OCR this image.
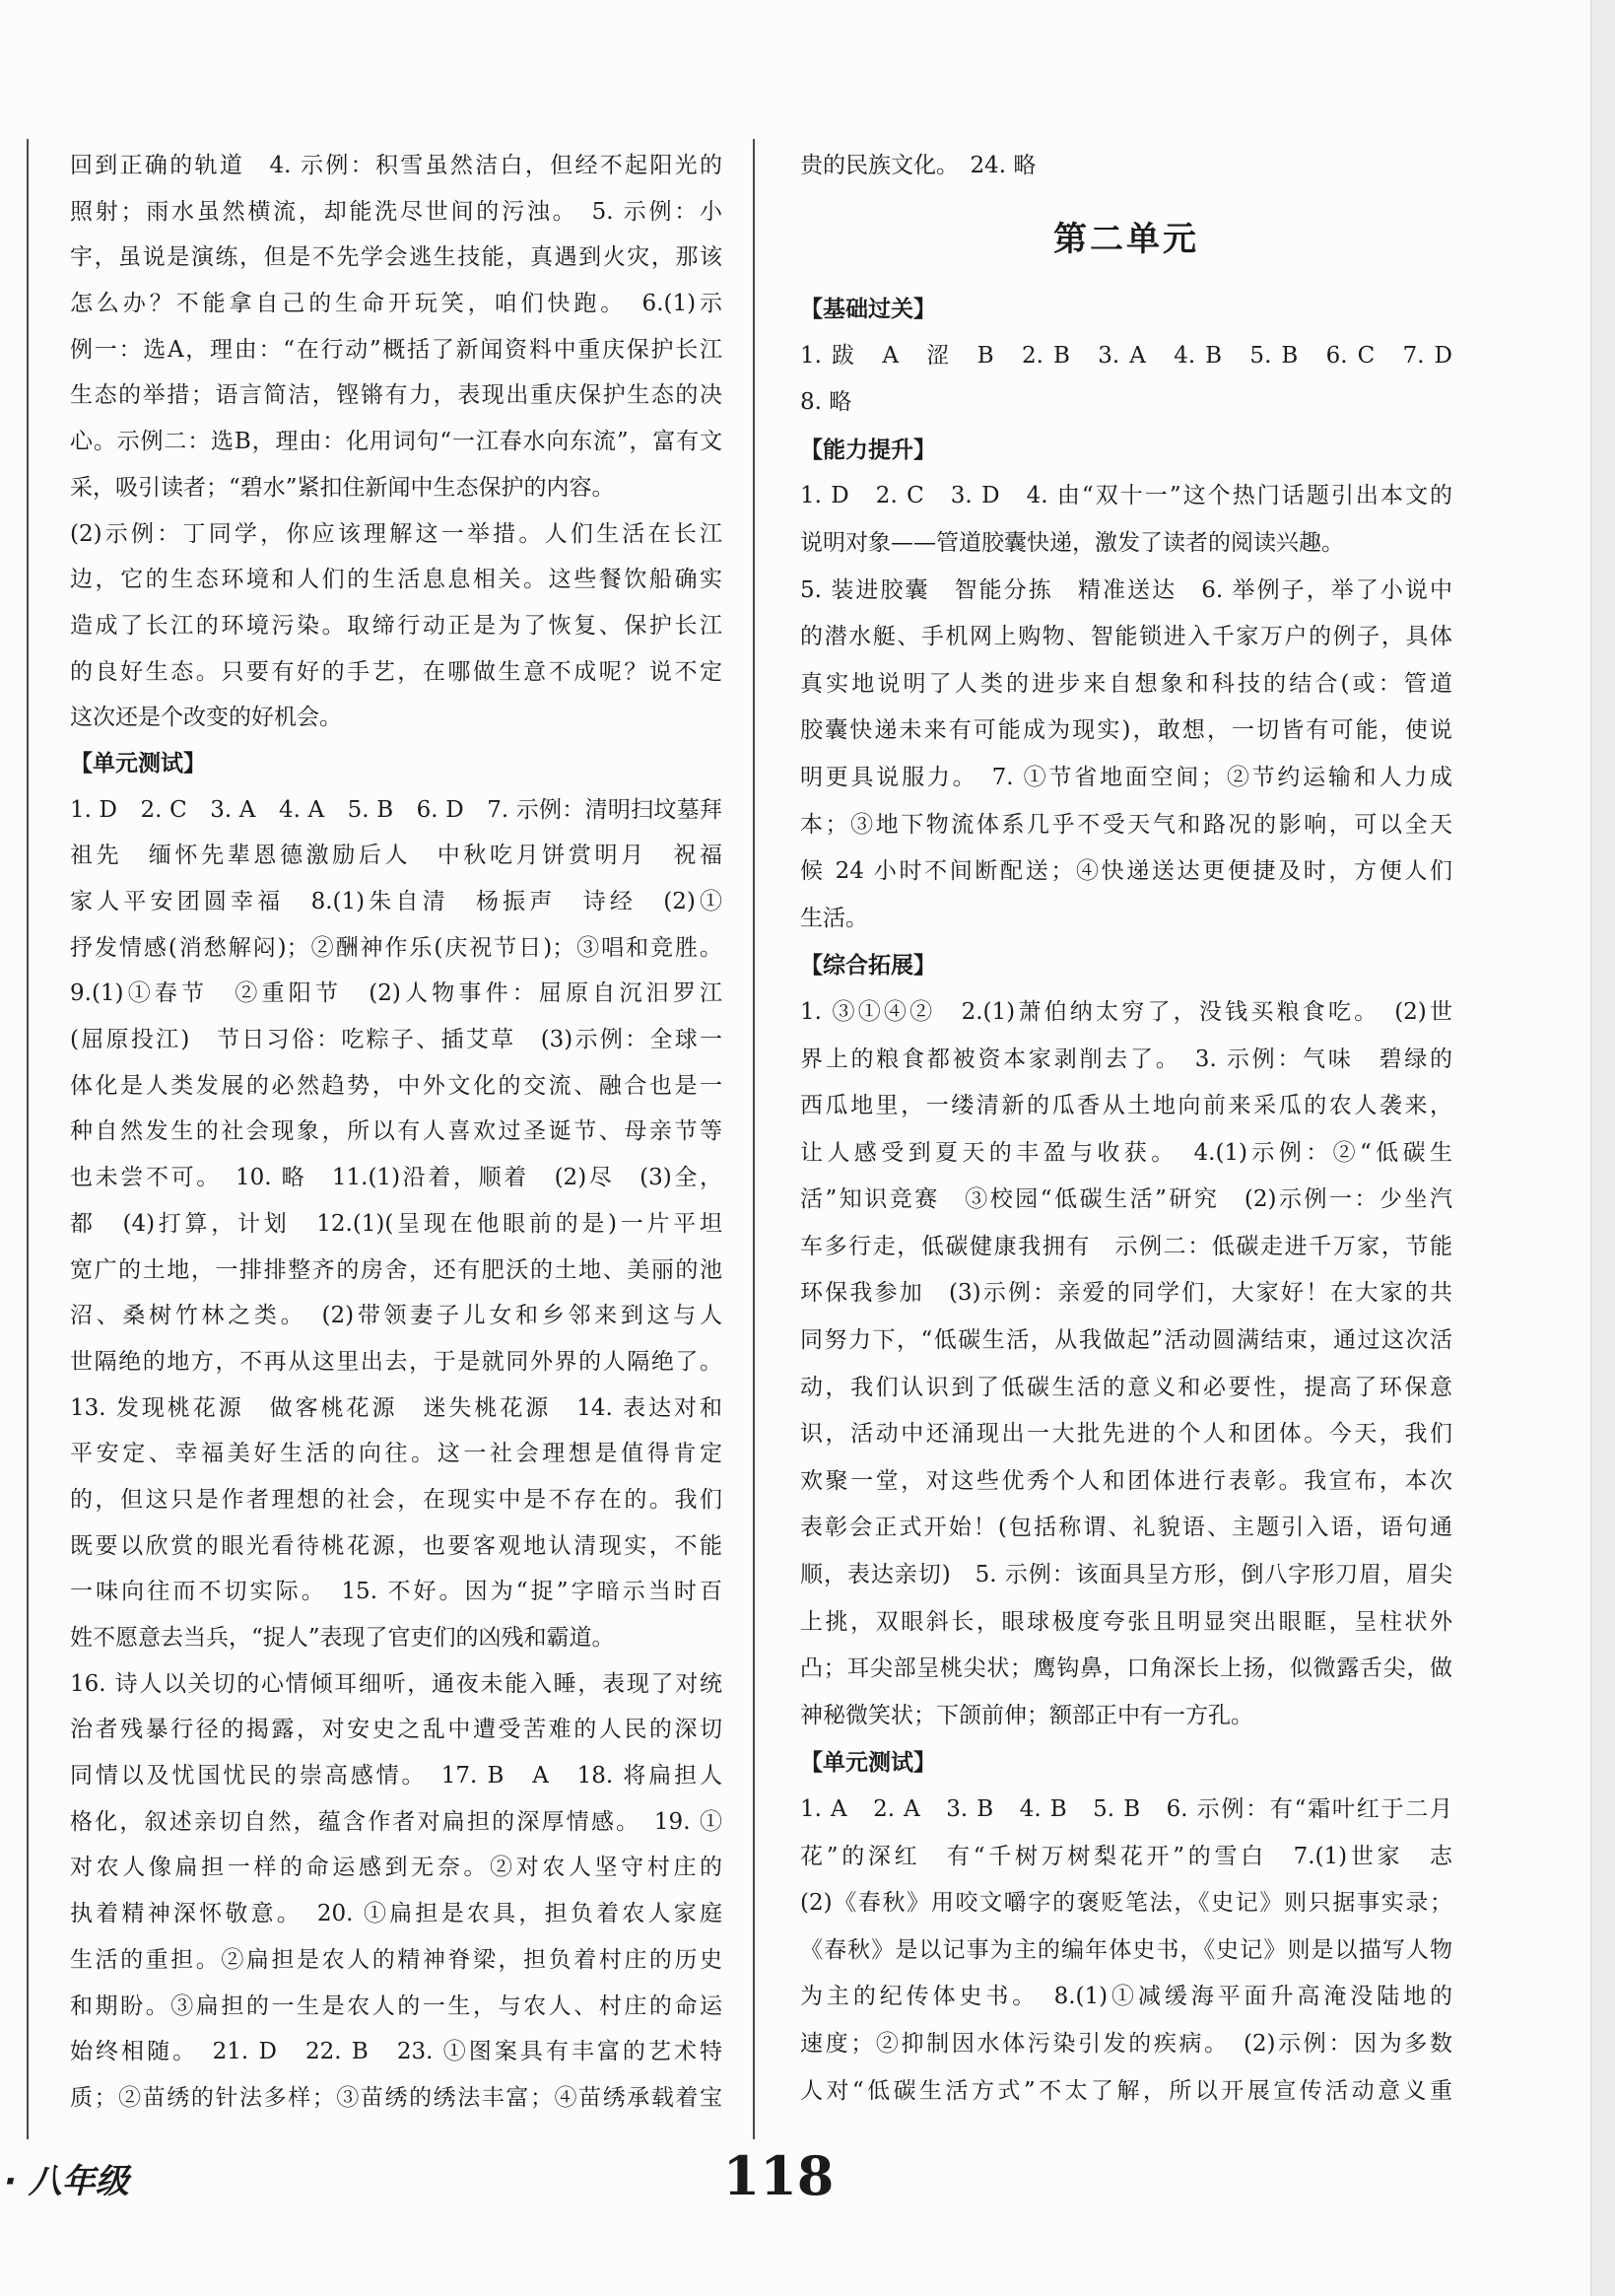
回到正确的轨道　4. 示例：积雪虽然洁白，但经不起阳光的
照射；雨水虽然横流，却能洗尽世间的污浊。　5. 示例：小
宇，虽说是演练，但是不先学会逃生技能，真遇到火灾，那该
怎么办？不能拿自己的生命开玩笑，咱们快跑。　6.(1)示
例一：选A，理由：“在行动”概括了新闻资料中重庆保护长江
生态的举措；语言简洁，铿锵有力，表现出重庆保护生态的决
心。示例二：选B，理由：化用词句“一江春水向东流”，富有文
采，吸引读者；“碧水”紧扣住新闻中生态保护的内容。
(2)示例：丁同学，你应该理解这一举措。人们生活在长江
边，它的生态环境和人们的生活息息相关。这些餐饮船确实
造成了长江的环境污染。取缔行动正是为了恢复、保护长江
的良好生态。只要有好的手艺，在哪做生意不成呢？说不定
这次还是个改变的好机会。
【单元测试】
1. D　2. C　3. A　4. A　5. B　6. D　7. 示例：清明扫坟墓拜
祖先　缅怀先辈恩德激励后人　中秋吃月饼赏明月　祝福
家人平安团圆幸福　8.(1)朱自清　杨振声　诗经　(2)①
抒发情感(消愁解闷)；②酬神作乐(庆祝节日)；③唱和竞胜。
9.(1)①春节　②重阳节　(2)人物事件：屈原自沉汨罗江
(屈原投江)　节日习俗：吃粽子、插艾草　(3)示例：全球一
体化是人类发展的必然趋势，中外文化的交流、融合也是一
种自然发生的社会现象，所以有人喜欢过圣诞节、母亲节等
也未尝不可。　10. 略　11.(1)沿着，顺着　(2)尽　(3)全，
都　(4)打算，计划　12.(1)(呈现在他眼前的是)一片平坦
宽广的土地，一排排整齐的房舍，还有肥沃的土地、美丽的池
沼、桑树竹林之类。　(2)带领妻子儿女和乡邻来到这与人
世隔绝的地方，不再从这里出去，于是就同外界的人隔绝了。
13. 发现桃花源　做客桃花源　迷失桃花源　14. 表达对和
平安定、幸福美好生活的向往。这一社会理想是值得肯定
的，但这只是作者理想的社会，在现实中是不存在的。我们
既要以欣赏的眼光看待桃花源，也要客观地认清现实，不能
一味向往而不切实际。　15. 不好。因为“捉”字暗示当时百
姓不愿意去当兵，“捉人”表现了官吏们的凶残和霸道。
16. 诗人以关切的心情倾耳细听，通夜未能入睡，表现了对统
治者残暴行径的揭露，对安史之乱中遭受苦难的人民的深切
同情以及忧国忧民的崇高感情。　17. B　A　18. 将扁担人
格化，叙述亲切自然，蕴含作者对扁担的深厚情感。　19. ①
对农人像扁担一样的命运感到无奈。②对农人坚守村庄的
执着精神深怀敬意。　20. ①扁担是农具，担负着农人家庭
生活的重担。②扁担是农人的精神脊梁，担负着村庄的历史
和期盼。③扁担的一生是农人的一生，与农人、村庄的命运
始终相随。　21. D　22. B　23. ①图案具有丰富的艺术特
质；②苗绣的针法多样；③苗绣的绣法丰富；④苗绣承载着宝
贵的民族文化。　24. 略
第二单元
【基础过关】
1. 跋　A　涩　B　2. B　3. A　4. B　5. B　6. C　7. D
8. 略
【能力提升】
1. D　2. C　3. D　4. 由“双十一”这个热门话题引出本文的
说明对象——管道胶囊快递，激发了读者的阅读兴趣。
5. 装进胶囊　智能分拣　精准送达　6. 举例子，举了小说中
的潜水艇、手机网上购物、智能锁进入千家万户的例子，具体
真实地说明了人类的进步来自想象和科技的结合(或：管道
胶囊快递未来有可能成为现实)，敢想，一切皆有可能，使说
明更具说服力。　7. ①节省地面空间；②节约运输和人力成
本；③地下物流体系几乎不受天气和路况的影响，可以全天
候 24 小时不间断配送；④快递送达更便捷及时，方便人们
生活。
【综合拓展】
1. ③①④②　2.(1)萧伯纳太穷了，没钱买粮食吃。　(2)世
界上的粮食都被资本家剥削去了。　3. 示例：气味　碧绿的
西瓜地里，一缕清新的瓜香从土地向前来采瓜的农人袭来，
让人感受到夏天的丰盈与收获。　4.(1)示例：②“低碳生
活”知识竞赛　③校园“低碳生活”研究　(2)示例一：少坐汽
车多行走，低碳健康我拥有　示例二：低碳走进千万家，节能
环保我参加　(3)示例：亲爱的同学们，大家好！在大家的共
同努力下，“低碳生活，从我做起”活动圆满结束，通过这次活
动，我们认识到了低碳生活的意义和必要性，提高了环保意
识，活动中还涌现出一大批先进的个人和团体。今天，我们
欢聚一堂，对这些优秀个人和团体进行表彰。我宣布，本次
表彰会正式开始！(包括称谓、礼貌语、主题引入语，语句通
顺，表达亲切)　5. 示例：该面具呈方形，倒八字形刀眉，眉尖
上挑，双眼斜长，眼球极度夸张且明显突出眼眶，呈柱状外
凸；耳尖部呈桃尖状；鹰钩鼻，口角深长上扬，似微露舌尖，做
神秘微笑状；下颌前伸；额部正中有一方孔。
【单元测试】
1. A　2. A　3. B　4. B　5. B　6. 示例：有“霜叶红于二月
花”的深红　有“千树万树梨花开”的雪白　7.(1)世家　志
(2)《春秋》用咬文嚼字的褒贬笔法，《史记》则只据事实录；
《春秋》是以记事为主的编年体史书，《史记》则是以描写人物
为主的纪传体史书。　8.(1)①减缓海平面升高淹没陆地的
速度；②抑制因水体污染引发的疾病。　(2)示例：因为多数
人对“低碳生活方式”不太了解，所以开展宣传活动意义重
· 八年级	118
